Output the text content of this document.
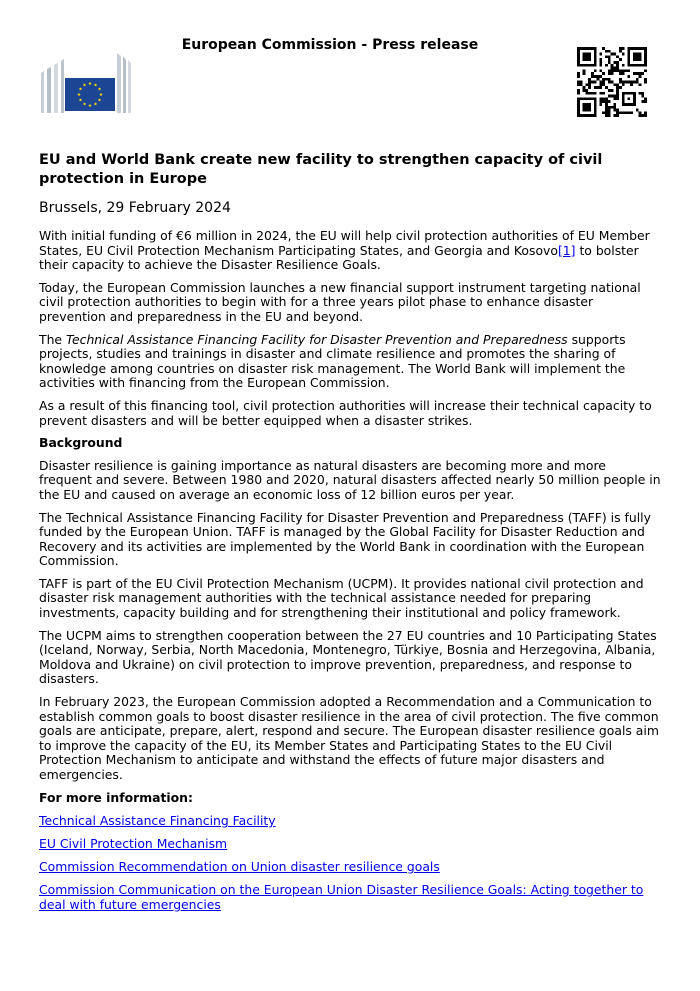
European Commission - Press release
EU and World Bank create new facility to strengthen capacity of civil protection in Europe
Brussels, 29 February 2024

With initial funding of €6 million in 2024, the EU will help civil protection authorities of EU Member States, EU Civil Protection Mechanism Participating States, and Georgia and Kosovo[1] to bolster their capacity to achieve the Disaster Resilience Goals.

Today, the European Commission launches a new financial support instrument targeting national civil protection authorities to begin with for a three years pilot phase to enhance disaster prevention and preparedness in the EU and beyond.

The Technical Assistance Financing Facility for Disaster Prevention and Preparedness supports projects, studies and trainings in disaster and climate resilience and promotes the sharing of knowledge among countries on disaster risk management. The World Bank will implement the activities with financing from the European Commission.

As a result of this financing tool, civil protection authorities will increase their technical capacity to prevent disasters and will be better equipped when a disaster strikes.

Background

Disaster resilience is gaining importance as natural disasters are becoming more and more frequent and severe. Between 1980 and 2020, natural disasters affected nearly 50 million people in the EU and caused on average an economic loss of 12 billion euros per year.

The Technical Assistance Financing Facility for Disaster Prevention and Preparedness (TAFF) is fully funded by the European Union. TAFF is managed by the Global Facility for Disaster Reduction and Recovery and its activities are implemented by the World Bank in coordination with the European Commission.

TAFF is part of the EU Civil Protection Mechanism (UCPM). It provides national civil protection and disaster risk management authorities with the technical assistance needed for preparing investments, capacity building and for strengthening their institutional and policy framework.

The UCPM aims to strengthen cooperation between the 27 EU countries and 10 Participating States (Iceland, Norway, Serbia, North Macedonia, Montenegro, Türkiye, Bosnia and Herzegovina, Albania, Moldova and Ukraine) on civil protection to improve prevention, preparedness, and response to disasters.

In February 2023, the European Commission adopted a Recommendation and a Communication to establish common goals to boost disaster resilience in the area of civil protection. The five common goals are anticipate, prepare, alert, respond and secure. The European disaster resilience goals aim to improve the capacity of the EU, its Member States and Participating States to the EU Civil Protection Mechanism to anticipate and withstand the effects of future major disasters and emergencies.

For more information:

Technical Assistance Financing Facility

EU Civil Protection Mechanism

Commission Recommendation on Union disaster resilience goals

Commission Communication on the European Union Disaster Resilience Goals: Acting together to deal with future emergencies
